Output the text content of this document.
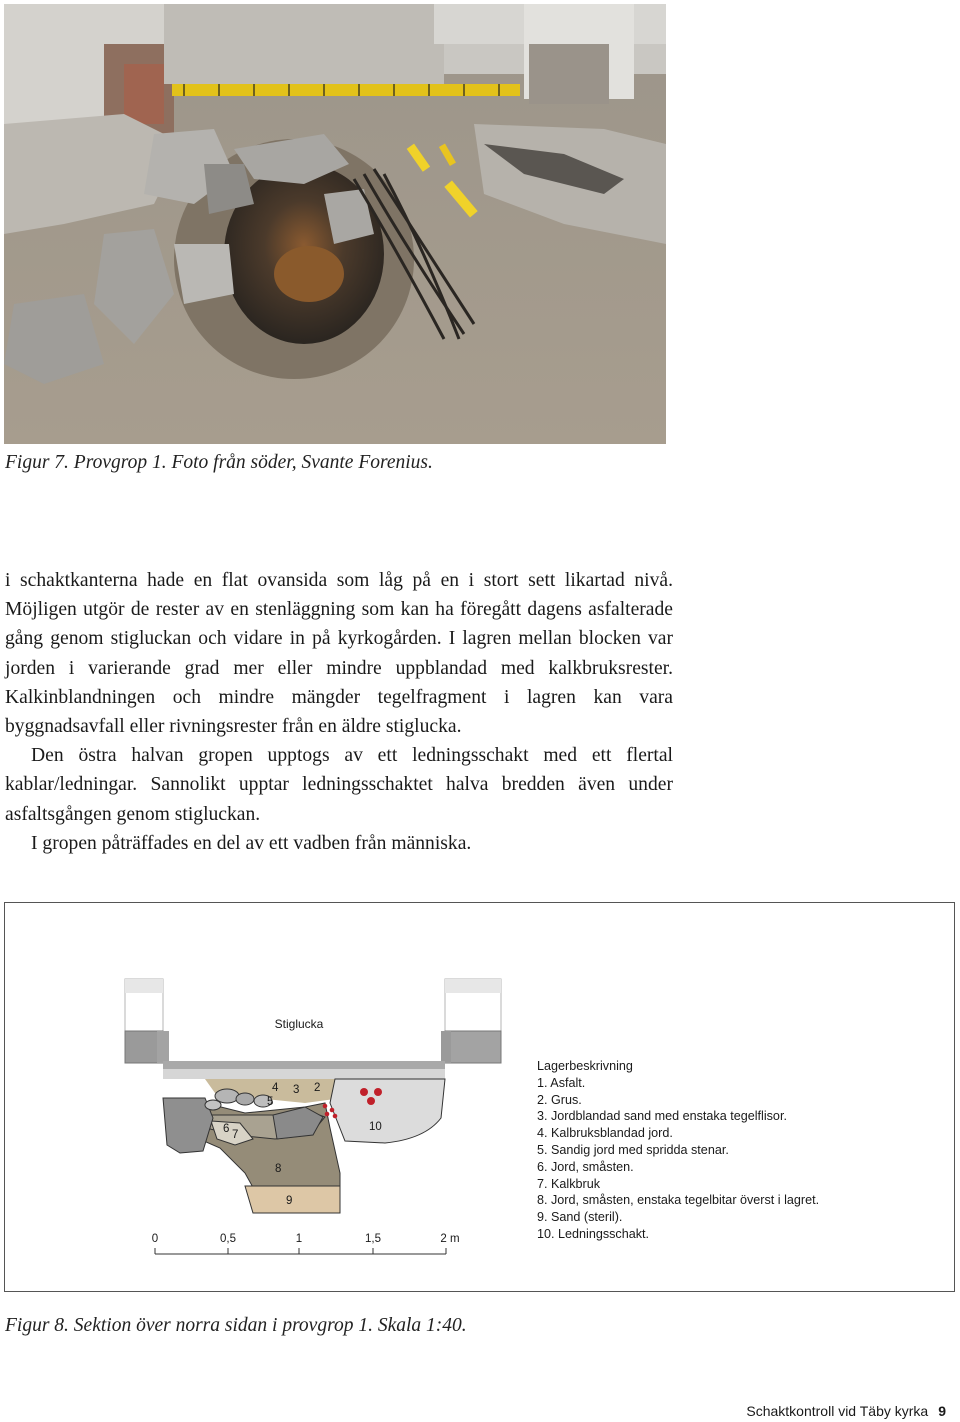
Figur 7. Provgrop 1. Foto från söder, Svante Forenius.

i schaktkanterna hade en flat ovansida som låg på en i stort sett likartad nivå. Möjligen utgör de rester av en stenläggning som kan ha föregått dagens asfalterade gång genom stigluckan och vidare in på kyrkogården. I lagren mellan blocken var jorden i varierande grad mer eller mindre uppblandad med kalkbruksrester. Kalkinblandningen och mindre mängder tegelfragment i lagren kan vara byggnadsavfall eller rivningsrester från en äldre stiglucka.

Den östra halvan gropen upptogs av ett ledningsschakt med ett flertal kablar/ledningar. Sannolikt upptar ledningsschaktet halva bredden även under asfaltsgången genom stigluckan.

I gropen påträffades en del av ett vadben från människa.

Stiglucka
2
3
4
5
6 7
8
9
10
0	0,5	1	1,5	2 m
Lagerbeskrivning
1. Asfalt.
2. Grus.
3. Jordblandad sand med enstaka tegelflisor.
4. Kalbruksblandad jord.
5. Sandig jord med spridda stenar.
6. Jord, småsten.
7. Kalkbruk
8. Jord, småsten, enstaka tegelbitar överst i lagret.
9. Sand (steril).
10. Ledningsschakt.
Figur 8. Sektion över norra sidan i provgrop 1. Skala 1:40.
Schaktkontroll vid Täby kyrka 9
